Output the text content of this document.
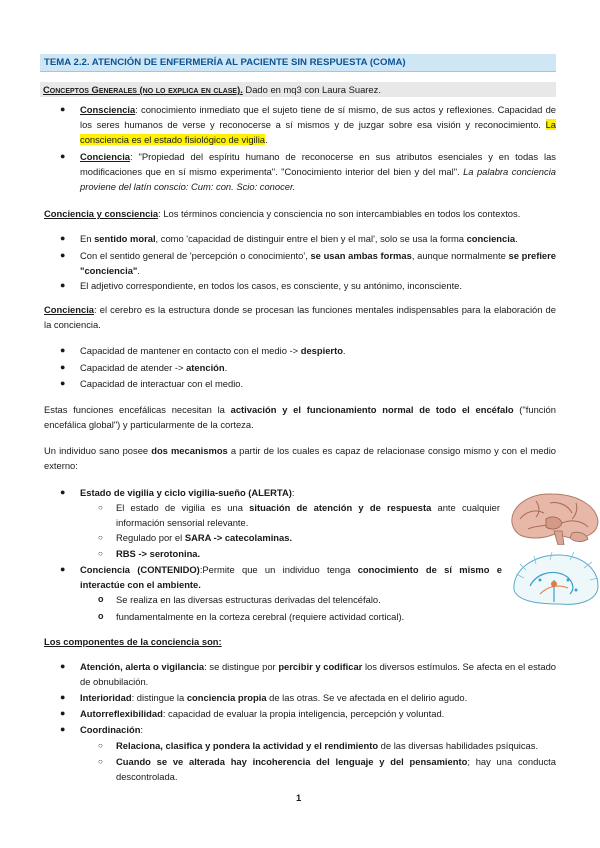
TEMA 2.2. ATENCIÓN DE ENFERMERÍA AL PACIENTE SIN RESPUESTA (COMA)
Conceptos Generales (no lo explica en clase). Dado en mq3 con Laura Suarez.

● Consciencia: conocimiento inmediato que el sujeto tiene de sí mismo, de sus actos y reflexiones. Capacidad de los seres humanos de verse y reconocerse a sí mismos y de juzgar sobre esa visión y reconocimiento. La consciencia es el estado fisiológico de vigilia.

● Conciencia: "Propiedad del espíritu humano de reconocerse en sus atributos esenciales y en todas las modificaciones que en sí mismo experimenta". "Conocimiento interior del bien y del mal". La palabra conciencia proviene del latín conscio: Cum: con. Scio: conocer.

Conciencia y consciencia: Los términos conciencia y consciencia no son intercambiables en todos los contextos.

● En sentido moral, como 'capacidad de distinguir entre el bien y el mal', solo se usa la forma conciencia.

● Con el sentido general de 'percepción o conocimiento', se usan ambas formas, aunque normalmente se prefiere "conciencia".

● El adjetivo correspondiente, en todos los casos, es consciente, y su antónimo, inconsciente.

Conciencia: el cerebro es la estructura donde se procesan las funciones mentales indispensables para la elaboración de la conciencia.

● Capacidad de mantener en contacto con el medio -> despierto.

● Capacidad de atender -> atención.

● Capacidad de interactuar con el medio.

Estas funciones encefálicas necesitan la activación y el funcionamiento normal de todo el encéfalo ("función encefálica global") y particularmente de la corteza.

Un individuo sano posee dos mecanismos a partir de los cuales es capaz de relacionase consigo mismo y con el medio externo:

● Estado de vigilia y ciclo vigilia-sueño (ALERTA):

○ El estado de vigilia es una situación de atención y de respuesta ante cualquier información sensorial relevante.

○ Regulado por el SARA -> catecolaminas.

○ RBS -> serotonina.

● Conciencia (CONTENIDO):Permite que un individuo tenga conocimiento de sí mismo e interactúe con el ambiente.

o Se realiza en las diversas estructuras derivadas del telencéfalo.

o fundamentalmente en la corteza cerebral (requiere actividad cortical).

Los componentes de la conciencia son:

● Atención, alerta o vigilancia: se distingue por percibir y codificar los diversos estímulos. Se afecta en el estado de obnubilación.

● Interioridad: distingue la conciencia propia de las otras. Se ve afectada en el delirio agudo.

● Autorreflexibilidad: capacidad de evaluar la propia inteligencia, percepción y voluntad.

● Coordinación:

○ Relaciona, clasifica y pondera la actividad y el rendimiento de las diversas habilidades psíquicas.

○ Cuando se ve alterada hay incoherencia del lenguaje y del pensamiento; hay una conducta descontrolada.

1
